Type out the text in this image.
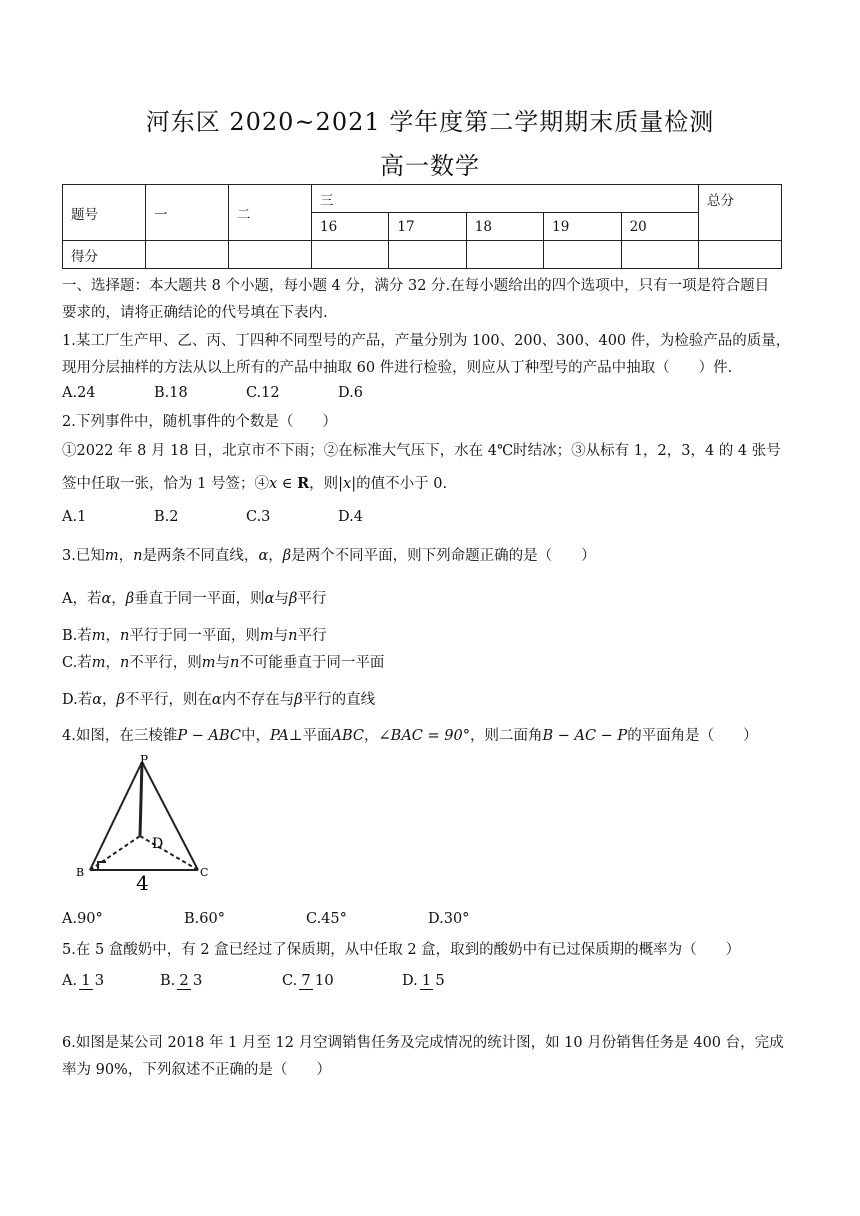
河东区 2020~2021 学年度第二学期期末质量检测
高一数学
题号	一	二	三					总分
			16	17	18	19	20	
得分								
一、选择题：本大题共 8 个小题，每小题 4 分，满分 32 分.在每小题给出的四个选项中，只有一项是符合题目
要求的，请将正确结论的代号填在下表内.
1.某工厂生产甲、乙、丙、丁四种不同型号的产品，产量分别为 100、200、300、400 件，为检验产品的质量，
现用分层抽样的方法从以上所有的产品中抽取 60 件进行检验，则应从丁种型号的产品中抽取（　　）件.
A.24	B.18	C.12	D.6
2.下列事件中，随机事件的个数是（　　）
①2022 年 8 月 18 日，北京市不下雨；②在标准大气压下，水在 4℃时结冰；③从标有 1，2，3，4 的 4 张号
签中任取一张，恰为 1 号签；④x ∈ R，则|x|的值不小于 0.
A.1	B.2	C.3	D.4
3.已知m，n是两条不同直线，α，β是两个不同平面，则下列命题正确的是（　　）
A，若α，β垂直于同一平面，则α与β平行
B.若m，n平行于同一平面，则m与n平行
C.若m，n不平行，则m与n不可能垂直于同一平面
D.若α，β不平行，则在α内不存在与β平行的直线
4.如图，在三棱锥P − ABC中，PA⊥平面ABC，∠BAC = 90°，则二面角B − AC − P的平面角是（　　）
P
B	C
D
4
A.90°	B.60°	C.45°	D.30°
5.在 5 盒酸奶中，有 2 盒已经过了保质期，从中任取 2 盒，取到的酸奶中有已过保质期的概率为（　　）
A. 1 3	B. 2 3	C. 7 10	D. 1 5
6.如图是某公司 2018 年 1 月至 12 月空调销售任务及完成情况的统计图，如 10 月份销售任务是 400 台，完成
率为 90%，下列叙述不正确的是（　　）
